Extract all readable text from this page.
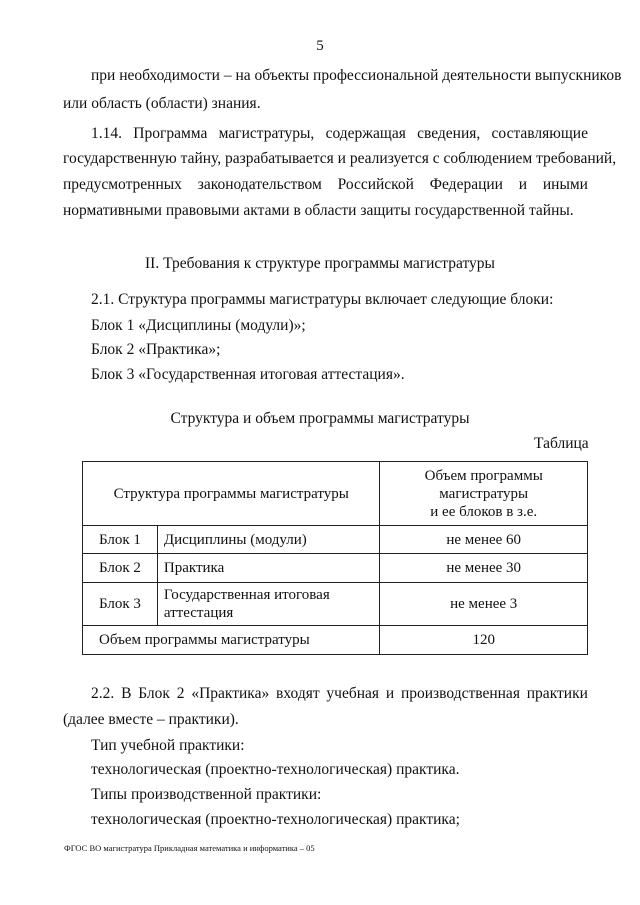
5
при необходимости – на объекты профессиональной деятельности выпускников
или область (области) знания.
1.14. Программа магистратуры, содержащая сведения, составляющие
государственную тайну, разрабатывается и реализуется с соблюдением требований,
предусмотренных законодательством Российской Федерации и иными
нормативными правовыми актами в области защиты государственной тайны.
II. Требования к структуре программы магистратуры
2.1. Структура программы магистратуры включает следующие блоки:
Блок 1 «Дисциплины (модули)»;
Блок 2 «Практика»;
Блок 3 «Государственная итоговая аттестация».
Структура и объем программы магистратуры
Таблица
Структура программы магистратуры		Объем программы
магистратуры
и ее блоков в з.е.

Блок 1	Дисциплины (модули)	не менее 60
Блок 2	Практика	не менее 30
Блок 3	Государственная итоговая
аттестация	не менее 3
Объем программы магистратуры		120
2.2. В Блок 2 «Практика» входят учебная и производственная практики
(далее вместе – практики).
Тип учебной практики:
технологическая (проектно-технологическая) практика.
Типы производственной практики:
технологическая (проектно-технологическая) практика;
ФГОС ВО магистратура Прикладная математика и информатика – 05
